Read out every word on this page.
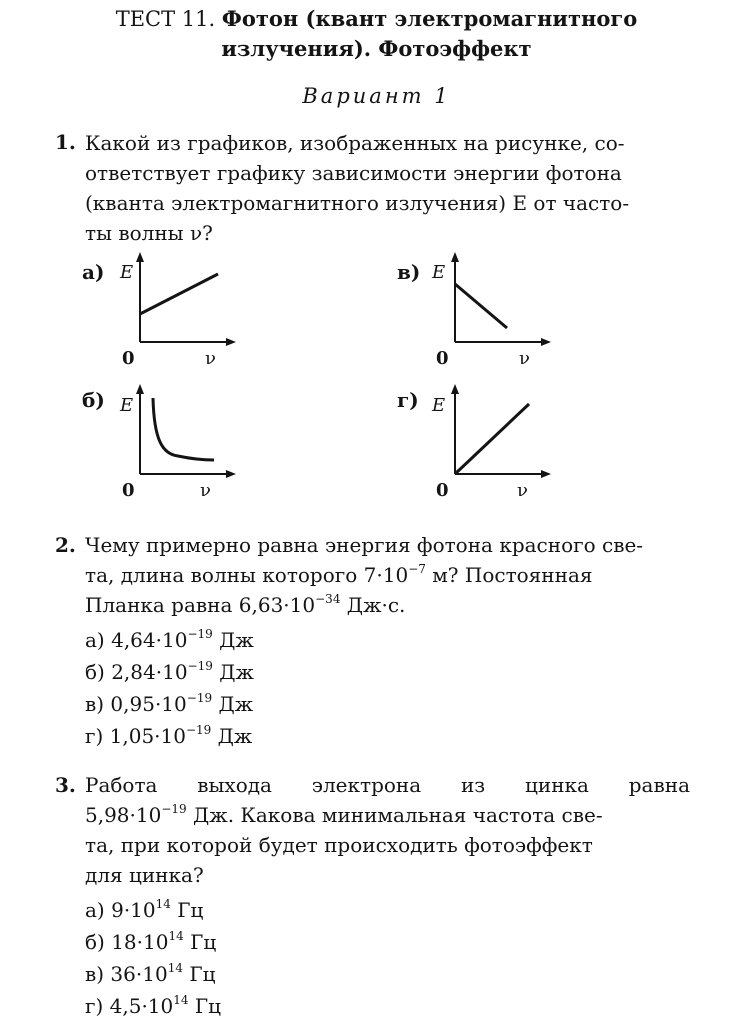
ТЕСТ 11. Фотон (квант электромагнитного
излучения). Фотоэффект
Вариант 1
1. Какой из графиков, изображенных на рисунке, со-
ответствует графику зависимости энергии фотона
(кванта электромагнитного излучения) E от часто-
ты волны ν?
а) E
0	ν
в) E
0	ν
б) E
0	ν
г) E
0	ν
2. Чему примерно равна энергия фотона красного све-
та, длина волны которого $7\cdot 10^{-7}$ м? Постоянная
Планка равна $6,63\cdot 10^{-34}$ Дж·с.
а) $4,64\cdot 10^{-19}$ Дж
б) $2,84\cdot 10^{-19}$ Дж
в) $0,95\cdot 10^{-19}$ Дж
г) $1,05\cdot 10^{-19}$ Дж
3. Работа выхода электрона из цинка равна
$5,98\cdot 10^{-19}$ Дж. Какова минимальная частота све-
та, при которой будет происходить фотоэффект
для цинка?
а) $9\cdot 10^{14}$ Гц
б) $18\cdot 10^{14}$ Гц
в) $36\cdot 10^{14}$ Гц
г) $4,5\cdot 10^{14}$ Гц
